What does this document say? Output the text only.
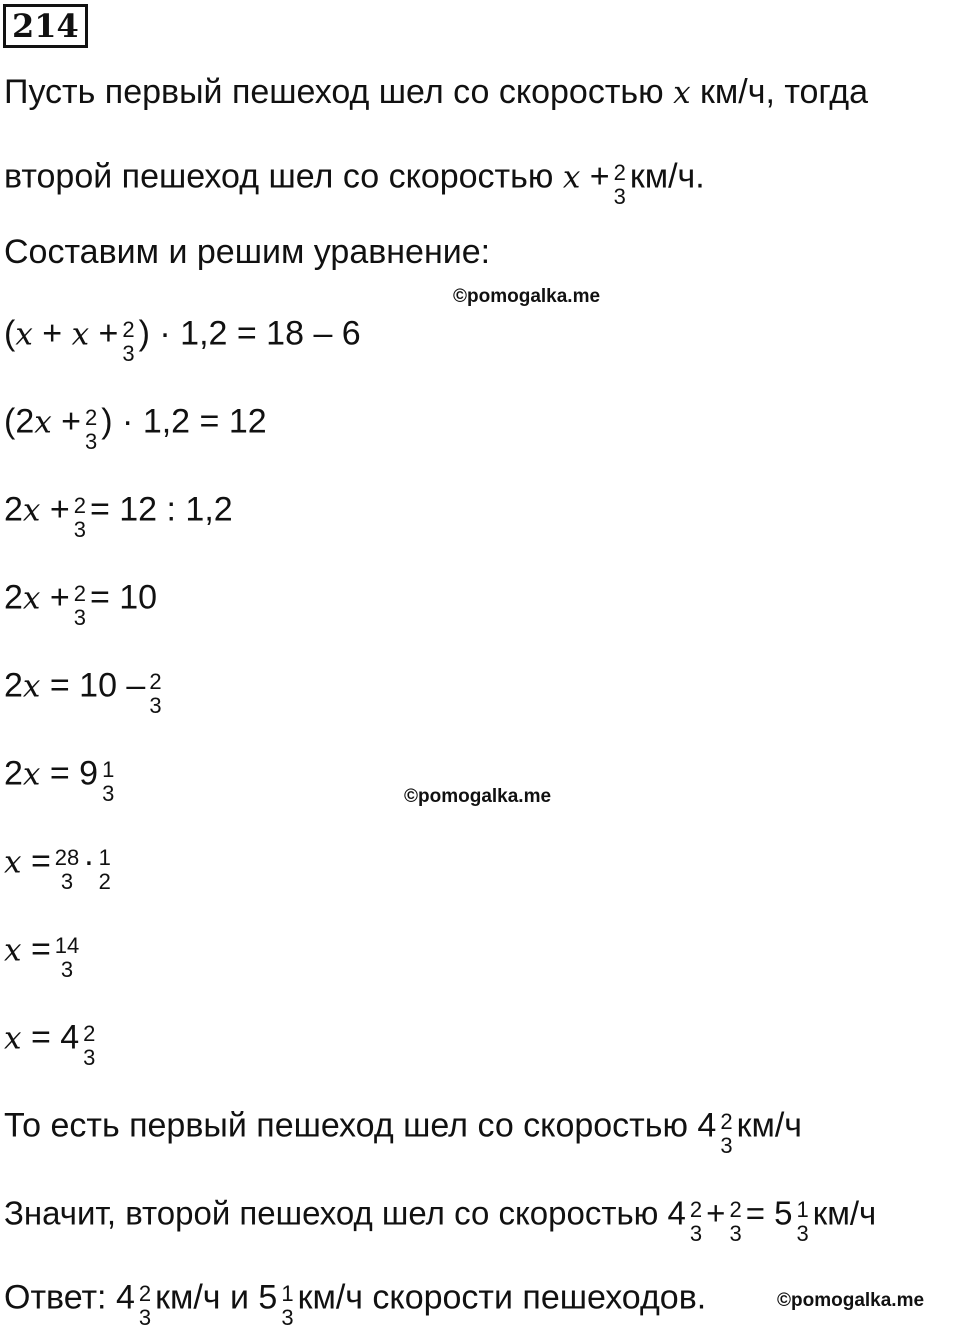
214
Пусть первый пешеход шел со скоростью x км/ч, тогда
второй пешеход шел со скоростью x + 2
3
км/ч.
Составим и решим уравнение:
©pomogalka.me
(x + x + 2
3
) · 1,2 = 18 – 6
(2x + 2
3
) · 1,2 = 12
2x + 2
3
= 12 : 1,2
2x + 2
3
= 10
2x = 10 – 2
3
2x = 9 1
3	©pomogalka.me
x = 28
3
· 1
2
x = 14
3
x = 4 2
3
То есть первый пешеход шел со скоростью 4 2
3
км/ч
Значит, второй пешеход шел со скоростью 4 2
3
+ 2
3
= 5 1
3
км/ч
Ответ: 4 2
3
км/ч и 5 1
3
км/ч скорости пешеходов.	©pomogalka.me
